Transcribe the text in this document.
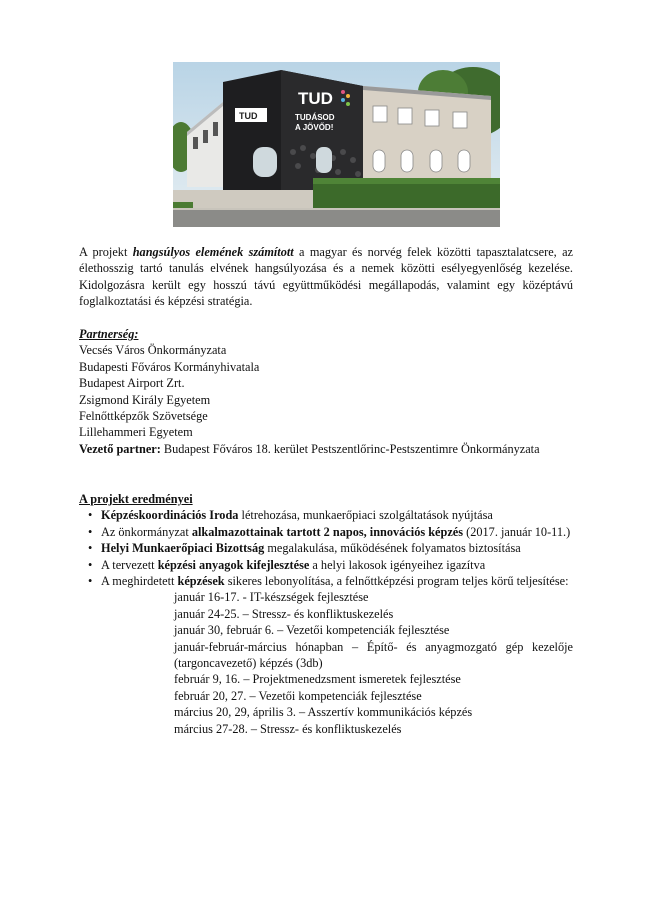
TUD
TUDÁSOD
A JÖVŐD!
TUD
A projekt hangsúlyos elemének számított a magyar és norvég felek közötti tapasztalatcsere, az élethosszig tartó tanulás elvének hangsúlyozása és a nemek közötti esélyegyenlőség kezelése. Kidolgozásra került egy hosszú távú együttműködési megállapodás, valamint egy középtávú foglalkoztatási és képzési stratégia.
Partnerség:
Vecsés Város Önkormányzata
Budapesti Főváros Kormányhivatala
Budapest Airport Zrt.
Zsigmond Király Egyetem
Felnőttképzők Szövetsége
Lillehammeri Egyetem
Vezető partner: Budapest Főváros 18. kerület Pestszentlőrinc-Pestszentimre Önkormányzata
A projekt eredményei
• Képzéskoordinációs Iroda létrehozása, munkaerőpiaci szolgáltatások nyújtása
• Az önkormányzat alkalmazottainak tartott 2 napos, innovációs képzés (2017. január 10-11.)
• Helyi Munkaerőpiaci Bizottság megalakulása, működésének folyamatos biztosítása
• A tervezett képzési anyagok kifejlesztése a helyi lakosok igényeihez igazítva
• A meghirdetett képzések sikeres lebonyolítása, a felnőttképzési program teljes körű teljesítése:
január 16-17. - IT-készségek fejlesztése
január 24-25. – Stressz- és konfliktuskezelés
január 30, február 6. – Vezetői kompetenciák fejlesztése
január-február-március hónapban – Építő- és anyagmozgató gép kezelője (targoncavezető) képzés (3db)
február 9, 16. – Projektmenedzsment ismeretek fejlesztése
február 20, 27. – Vezetői kompetenciák fejlesztése
március 20, 29, április 3. – Asszertív kommunikációs képzés
március 27-28. – Stressz- és konfliktuskezelés
